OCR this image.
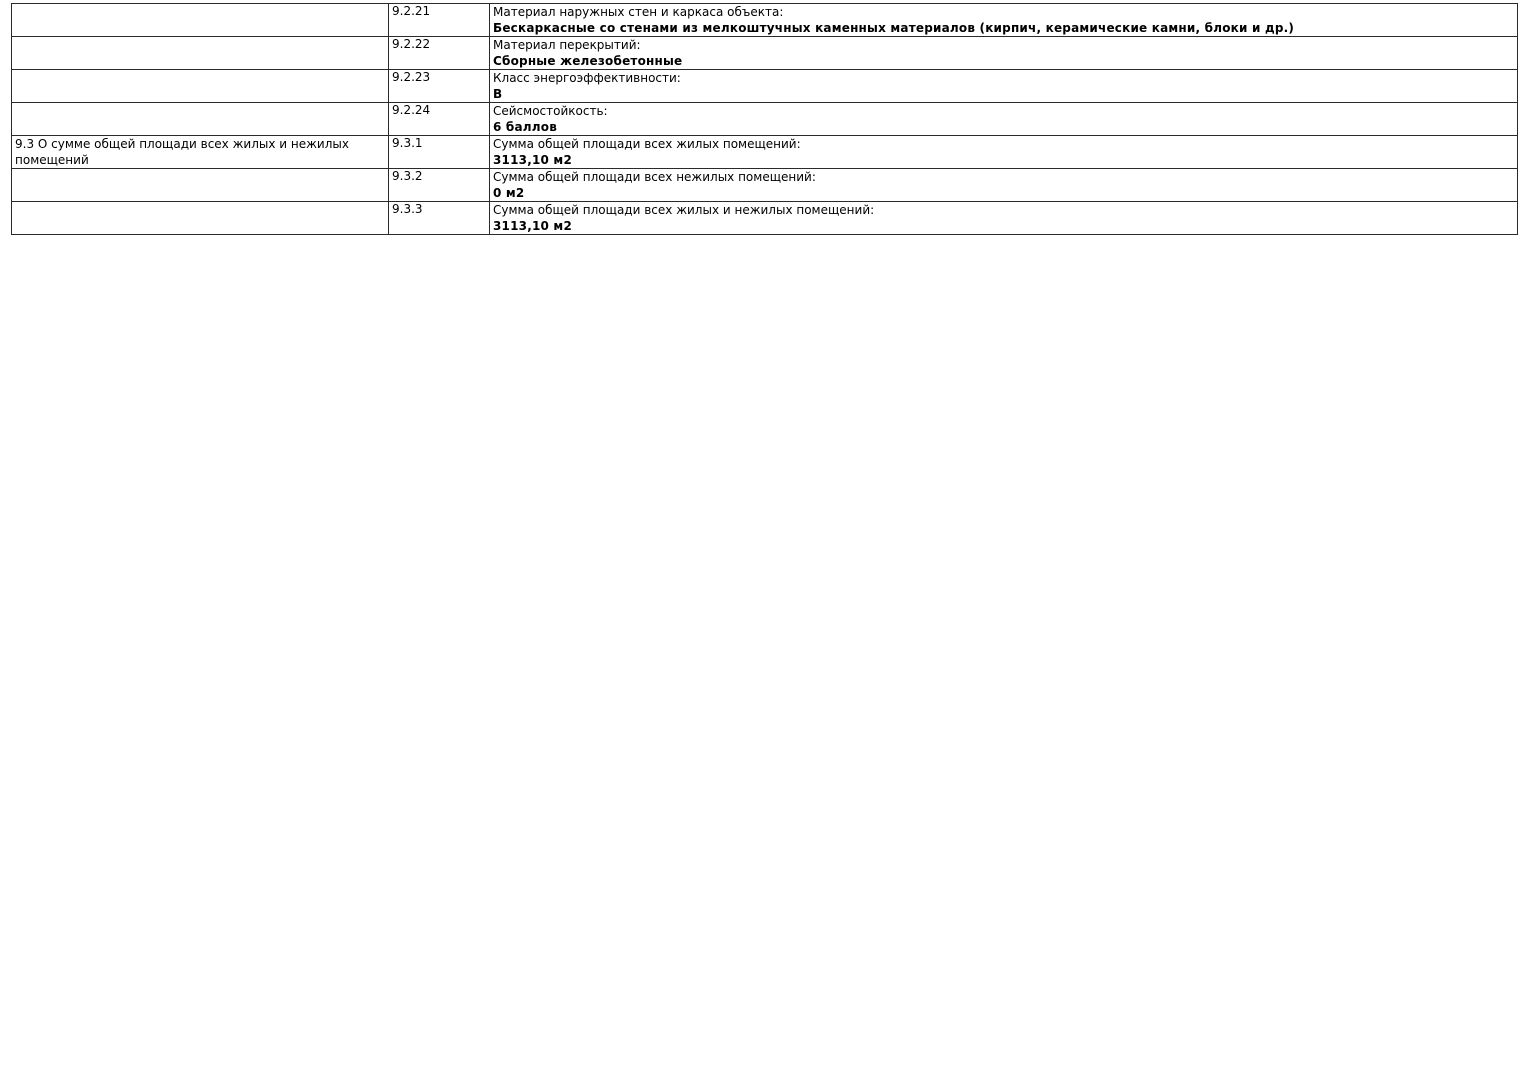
	9.2.21	Материал наружных стен и каркаса объекта:
Бескаркасные со стенами из мелкоштучных каменных материалов (кирпич, керамические камни, блоки и др.)

	9.2.22	Материал перекрытий:
Сборные железобетонные

	9.2.23	Класс энергоэффективности:
B

	9.2.24	Сейсмостойкость:
6 баллов

9.3 О сумме общей площади всех жилых и нежилых помещений	9.3.1	Сумма общей площади всех жилых помещений:
3113,10 м2

	9.3.2	Сумма общей площади всех нежилых помещений:
0 м2

	9.3.3	Сумма общей площади всех жилых и нежилых помещений:
3113,10 м2
